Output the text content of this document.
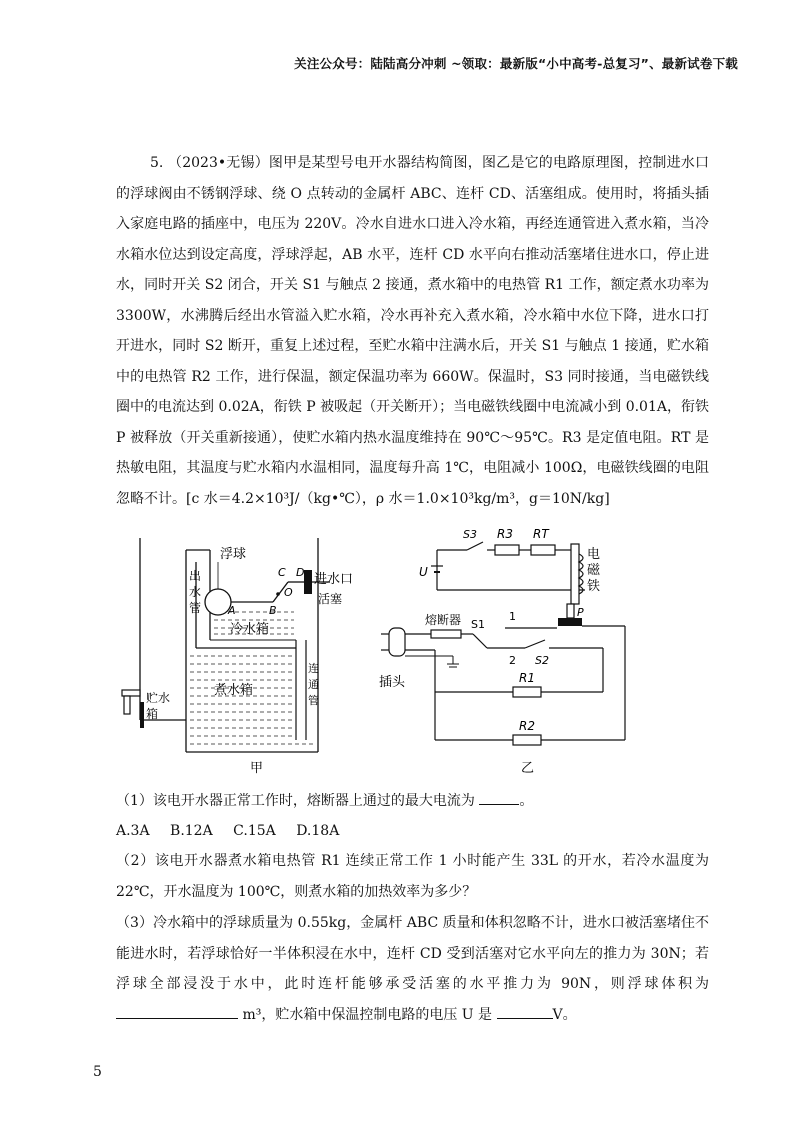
关注公众号：陆陆高分冲刺 ~领取：最新版“小中高考-总复习”、最新试卷下载
5. （2023•无锡）图甲是某型号电开水器结构简图，图乙是它的电路原理图，控制进水口的浮球阀由不锈钢浮球、绕 O 点转动的金属杆 ABC、连杆 CD、活塞组成。使用时，将插头插入家庭电路的插座中，电压为 220V。冷水自进水口进入冷水箱，再经连通管进入煮水箱，当冷水箱水位达到设定高度，浮球浮起，AB 水平，连杆 CD 水平向右推动活塞堵住进水口，停止进水，同时开关 S2 闭合，开关 S1 与触点 2 接通，煮水箱中的电热管 R1 工作，额定煮水功率为 3300W，水沸腾后经出水管溢入贮水箱，冷水再补充入煮水箱，冷水箱中水位下降，进水口打开进水，同时 S2 断开，重复上述过程，至贮水箱中注满水后，开关 S1 与触点 1 接通，贮水箱中的电热管 R2 工作，进行保温，额定保温功率为 660W。保温时，S3 同时接通，当电磁铁线圈中的电流达到 0.02A，衔铁 P 被吸起（开关断开）；当电磁铁线圈中电流减小到 0.01A，衔铁 P 被释放（开关重新接通），使贮水箱内热水温度维持在 90℃～95℃。R3 是定值电阻。RT 是热敏电阻，其温度与贮水箱内水温相同，温度每升高 1℃，电阻减小 100Ω，电磁铁线圈的电阻忽略不计。[c 水＝4.2×10³J/（kg•℃），ρ 水＝1.0×10³kg/m³，g＝10N/kg]
浮球
C D
O
A	B
进水口
活塞
冷水箱
煮水箱
出
水
管
贮水
箱
连
通
管
甲
S3 R3 RT
U
电
磁
铁
熔断器 S1
1
2 S2
P
插头	R1
R2
乙
（1）该电开水器正常工作时，熔断器上通过的最大电流为	。
A.3A B.12A C.15A D.18A
（2）该电开水器煮水箱电热管 R1 连续正常工作 1 小时能产生 33L 的开水，若冷水温度为 22℃，开水温度为 100℃，则煮水箱的加热效率为多少？
（3）冷水箱中的浮球质量为 0.55kg，金属杆 ABC 质量和体积忽略不计，进水口被活塞堵住不能进水时，若浮球恰好一半体积浸在水中，连杆 CD 受到活塞对它水平向左的推力为 30N；若浮球全部浸没于水中，此时连杆能够承受活塞的水平推力为 90N，则浮球体积为  m³，贮水箱中保温控制电路的电压 U 是	V。
5
